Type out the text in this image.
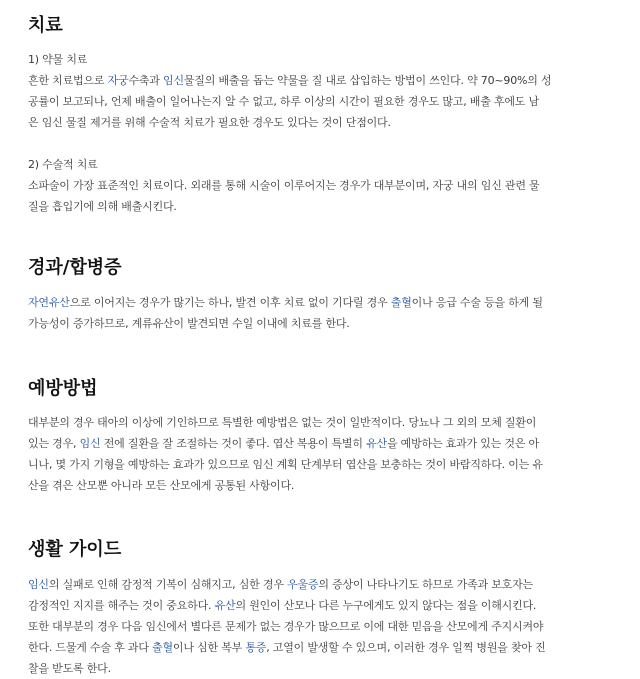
치료
1) 약물 치료
흔한 치료법으로 자궁수축과 임신물질의 배출을 돕는 약물을 질 내로 삽입하는 방법이 쓰인다. 약 70~90%의 성
공률이 보고되나, 언제 배출이 일어나는지 알 수 없고, 하루 이상의 시간이 필요한 경우도 많고, 배출 후에도 남
은 임신 물질 제거를 위해 수술적 치료가 필요한 경우도 있다는 것이 단점이다.
2) 수술적 치료
소파술이 가장 표준적인 치료이다. 외래를 통해 시술이 이루어지는 경우가 대부분이며, 자궁 내의 임신 관련 물
질을 흡입기에 의해 배출시킨다.
경과/합병증
자연유산으로 이어지는 경우가 많기는 하나, 발견 이후 치료 없이 기다릴 경우 출혈이나 응급 수술 등을 하게 될
가능성이 증가하므로, 계류유산이 발견되면 수일 이내에 치료를 한다.
예방방법
대부분의 경우 태아의 이상에 기인하므로 특별한 예방법은 없는 것이 일반적이다. 당뇨나 그 외의 모체 질환이
있는 경우, 임신 전에 질환을 잘 조절하는 것이 좋다. 엽산 복용이 특별히 유산을 예방하는 효과가 있는 것은 아
니나, 몇 가지 기형을 예방하는 효과가 있으므로 임신 계획 단계부터 엽산을 보충하는 것이 바람직하다. 이는 유
산을 겪은 산모뿐 아니라 모든 산모에게 공통된 사항이다.
생활 가이드
임신의 실패로 인해 감정적 기복이 심해지고, 심한 경우 우울증의 증상이 나타나기도 하므로 가족과 보호자는
감정적인 지지를 해주는 것이 중요하다. 유산의 원인이 산모나 다른 누구에게도 있지 않다는 점을 이해시킨다.
또한 대부분의 경우 다음 임신에서 별다른 문제가 없는 경우가 많으므로 이에 대한 믿음을 산모에게 주지시켜야
한다. 드물게 수술 후 과다 출혈이나 심한 복부 통증, 고열이 발생할 수 있으며, 이러한 경우 일찍 병원을 찾아 진
찰을 받도록 한다.
